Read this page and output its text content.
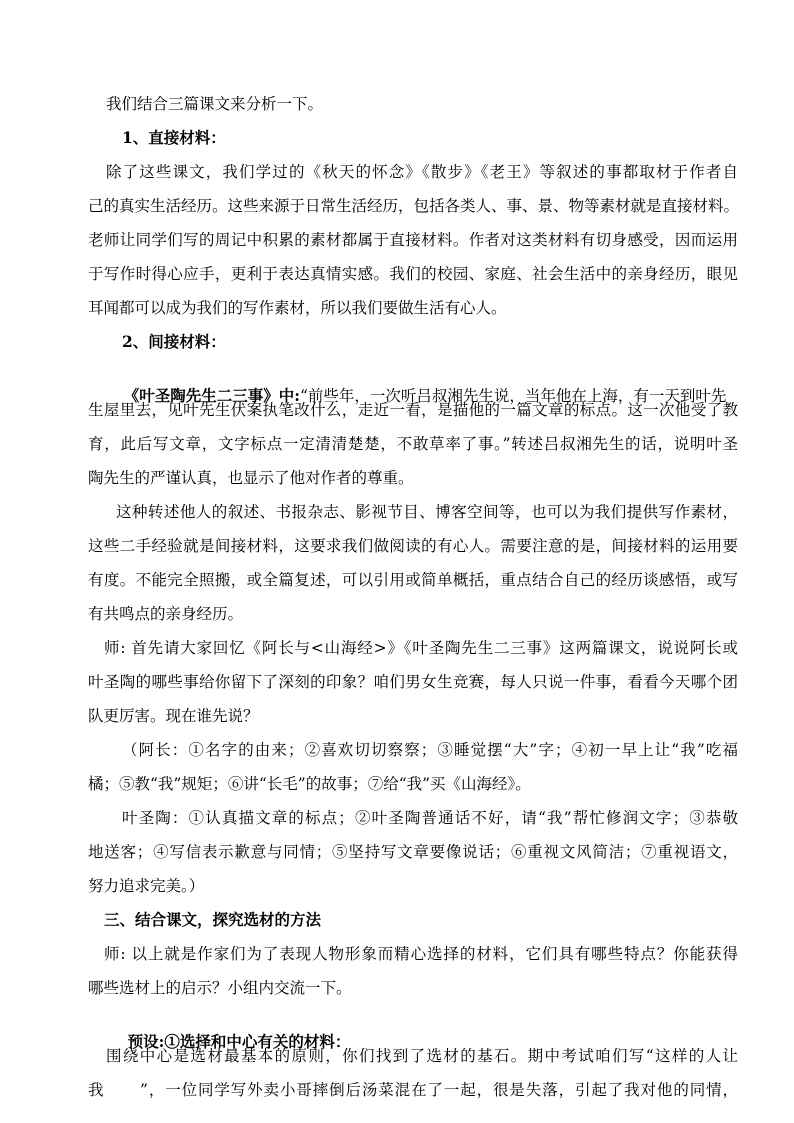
我们结合三篇课文来分析一下。
1、直接材料：
除了这些课文，我们学过的《秋天的怀念》《散步》《老王》等叙述的事都取材于作者自
己的真实生活经历。这些来源于日常生活经历，包括各类人、事、景、物等素材就是直接材料。
老师让同学们写的周记中积累的素材都属于直接材料。作者对这类材料有切身感受，因而运用
于写作时得心应手，更利于表达真情实感。我们的校园、家庭、社会生活中的亲身经历，眼见
耳闻都可以成为我们的写作素材，所以我们要做生活有心人。
2、间接材料：

《叶圣陶先生二三事》中:“前些年，一次听吕叔湘先生说，当年他在上海，有一天到叶先

生屋里去，见叶先生伏案执笔改什么，走近一看，是描他的一篇文章的标点。这一次他受了教
育，此后写文章，文字标点一定清清楚楚，不敢草率了事。”转述吕叔湘先生的话，说明叶圣
陶先生的严谨认真，也显示了他对作者的尊重。
这种转述他人的叙述、书报杂志、影视节目、博客空间等，也可以为我们提供写作素材，
这些二手经验就是间接材料，这要求我们做阅读的有心人。需要注意的是，间接材料的运用要
有度。不能完全照搬，或全篇复述，可以引用或简单概括，重点结合自己的经历谈感悟，或写
有共鸣点的亲身经历。
师: 首先请大家回忆《阿长与<山海经>》《叶圣陶先生二三事》这两篇课文，说说阿长或
叶圣陶的哪些事给你留下了深刻的印象？咱们男女生竞赛，每人只说一件事，看看今天哪个团
队更厉害。现在谁先说？
（阿长：①名字的由来；②喜欢切切察察；③睡觉摆“大”字；④初一早上让“我”吃福
橘；⑤教“我”规矩；⑥讲“长毛”的故事；⑦给“我”买《山海经》。
叶圣陶：①认真描文章的标点；②叶圣陶普通话不好，请“我”帮忙修润文字；③恭敬
地送客；④写信表示歉意与同情；⑤坚持写文章要像说话；⑥重视文风简洁；⑦重视语文，
努力追求完美。）
三、结合课文，探究选材的方法
师: 以上就是作家们为了表现人物形象而精心选择的材料，它们具有哪些特点？你能获得
哪些选材上的启示？小组内交流一下。

预设:①选择和中心有关的材料：

围绕中心是选材最基本的原则，你们找到了选材的基石。期中考试咱们写“这样的人让
我	”，一位同学写外卖小哥摔倒后汤菜混在了一起，很是失落，引起了我对他的同情，
